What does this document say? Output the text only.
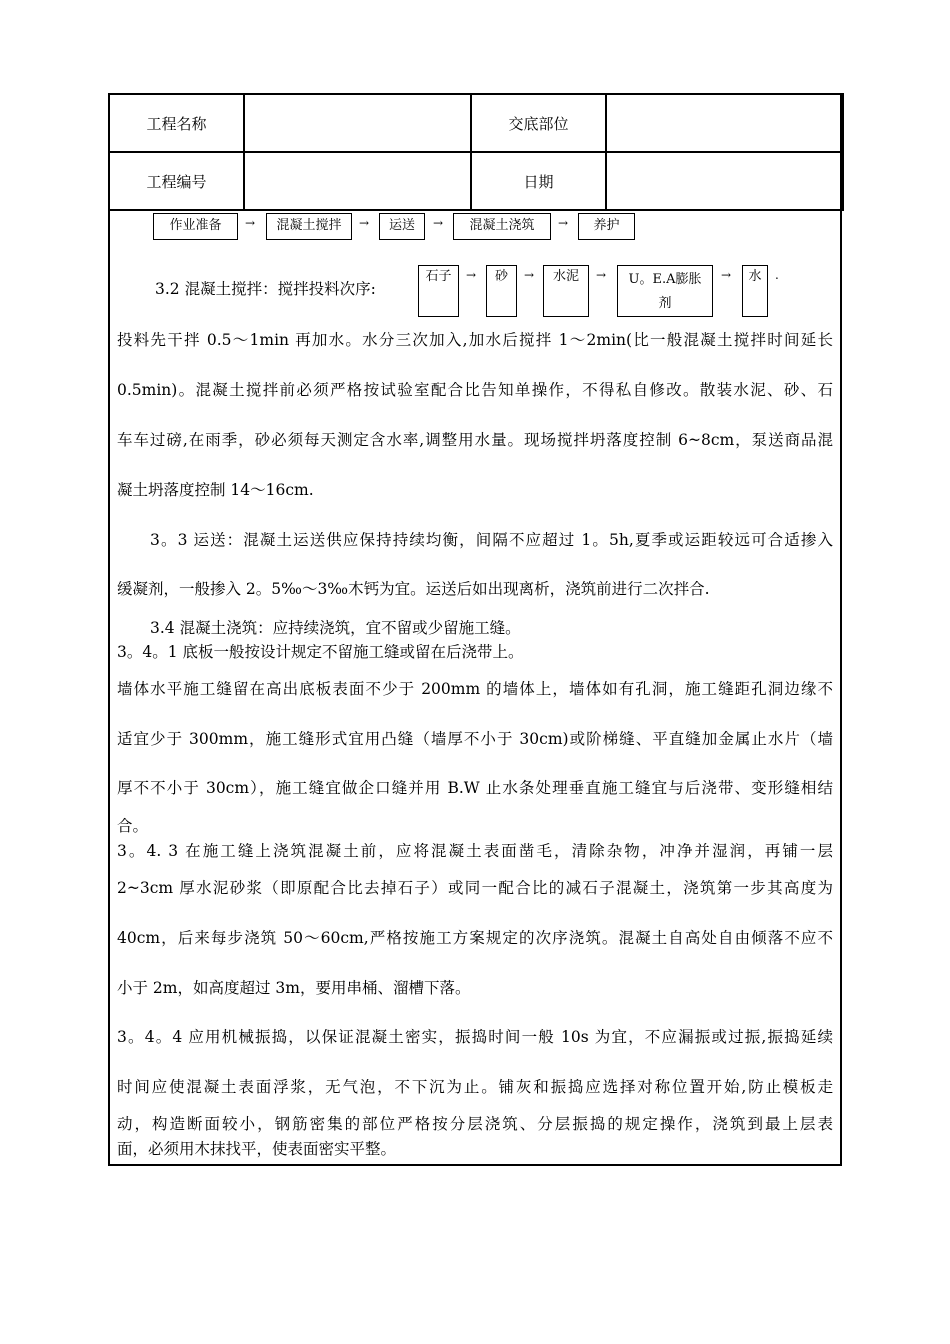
工程名称		交底部位	
工程编号		日期	
作业准备	→	混凝土搅拌	→	运送	→	混凝土浇筑	→	养护
3.2 混凝土搅拌：搅拌投料次序:
石子	→	砂	→	水泥	→	U。E.A膨胀剂
→	水	.
投料先干拌 0.5～1min 再加水。水分三次加入,加水后搅拌 1～2min(比一般混凝土搅拌时间延长
0.5min)。混凝土搅拌前必须严格按试验室配合比告知单操作，不得私自修改。散装水泥、砂、石
车车过磅,在雨季，砂必须每天测定含水率,调整用水量。现场搅拌坍落度控制 6~8cm，泵送商品混
凝土坍落度控制 14～16cm.
3。3 运送：混凝土运送供应保持持续均衡，间隔不应超过 1。5h,夏季或运距较远可合适掺入
缓凝剂，一般掺入 2。5‰～3‰木钙为宜。运送后如出现离析，浇筑前进行二次拌合.
3.4 混凝土浇筑：应持续浇筑，宜不留或少留施工缝。
3。4。1 底板一般按设计规定不留施工缝或留在后浇带上。
墙体水平施工缝留在高出底板表面不少于 200mm 的墙体上，墙体如有孔洞，施工缝距孔洞边缘不
适宜少于 300mm，施工缝形式宜用凸缝（墙厚不小于 30cm)或阶梯缝、平直缝加金属止水片（墙
厚不不小于 30cm），施工缝宜做企口缝并用 B.W 止水条处理垂直施工缝宜与后浇带、变形缝相结
合。
3。4. 3 在施工缝上浇筑混凝土前，应将混凝土表面凿毛，清除杂物，冲净并湿润，再铺一层
2~3cm 厚水泥砂浆（即原配合比去掉石子）或同一配合比的减石子混凝土，浇筑第一步其高度为
40cm，后来每步浇筑 50～60cm,严格按施工方案规定的次序浇筑。混凝土自高处自由倾落不应不
小于 2m，如高度超过 3m，要用串桶、溜槽下落。
3。4。4 应用机械振捣，以保证混凝土密实，振捣时间一般 10s 为宜，不应漏振或过振,振捣延续
时间应使混凝土表面浮浆，无气泡，不下沉为止。铺灰和振捣应选择对称位置开始,防止模板走
动，构造断面较小，钢筋密集的部位严格按分层浇筑、分层振捣的规定操作，浇筑到最上层表
面，必须用木抹找平，使表面密实平整。
